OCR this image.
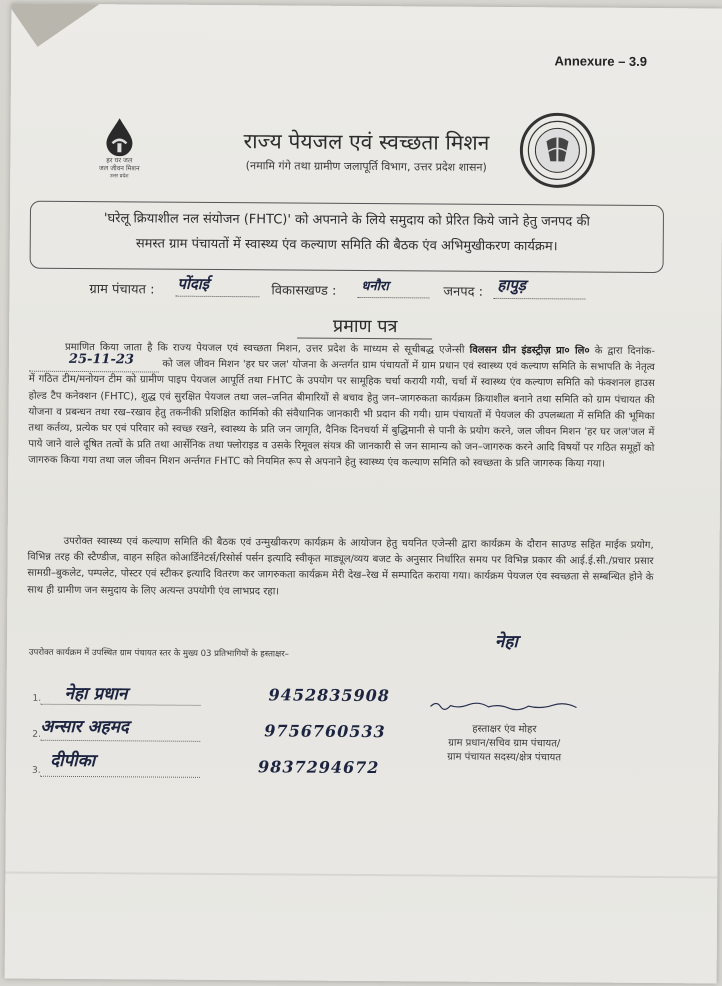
Annexure – 3.9
हर घर जल
जल जीवन मिशन
उत्तर प्रदेश
राज्य पेयजल एवं स्वच्छता मिशन
(नमामि गंगे तथा ग्रामीण जलापूर्ति विभाग, उत्तर प्रदेश शासन)
'घरेलू क्रियाशील नल संयोजन (FHTC)' को अपनाने के लिये समुदाय को प्रेरित किये जाने हेतु जनपद की
समस्त ग्राम पंचायतों में स्वास्थ्य एंव कल्याण समिति की बैठक एंव अभिमुखीकरण कार्यक्रम।
ग्राम पंचायत : पोंदाई	विकासखण्ड : धनौरा	जनपद : हापुड़
प्रमाण पत्र

प्रमाणित किया जाता है कि राज्य पेयजल एवं स्वच्छता मिशन, उत्तर प्रदेश के माध्यम से सूचीबद्ध एजेन्सी विलसन ग्रीन इंडस्ट्रीज़ प्रा० लि० के द्वारा दिनांक-
25-11-23	को जल जीवन मिशन 'हर घर जल' योजना के अन्तर्गत ग्राम पंचायतों में ग्राम प्रधान एवं स्वास्थ्य एवं कल्याण समिति के सभापति के नेतृत्व में गठित टीम/मनोयन टीम को ग्रामीण पाइप पेयजल आपूर्ति तथा FHTC के उपयोग पर सामूहिक चर्चा करायी गयी, चर्चा में स्वास्थ्य एंव कल्याण समिति को फंक्शनल हाउस होल्ड टैप कनेक्शन (FHTC), शुद्ध एवं सुरक्षित पेयजल तथा जल–जनित बीमारियों से बचाव हेतु जन–जागरुकता कार्यक्रम क्रियाशील बनाने तथा समिति को ग्राम पंचायत की योजना व प्रबन्धन तथा रख–रखाव हेतु तकनीकी प्रशिक्षित कार्मिको की संवैधानिक जानकारी भी प्रदान की गयी। ग्राम पंचायतों में पेयजल की उपलब्धता में समिति की भूमिका तथा कर्तव्य, प्रत्येक घर एवं परिवार को स्वच्छ रखने, स्वास्थ्य के प्रति जन जागृति, दैनिक दिनचर्या में बुद्धिमानी से पानी के प्रयोग करने, जल जीवन मिशन 'हर घर जल'जल में पाये जाने वाले दूषित तत्वों के प्रति तथा आर्सेनिक तथा फ्लोराइड व उसके रिमूवल संयत्र की जानकारी से जन सामान्य को जन–जागरुक करने आदि विषयों पर गठित समूहों को जागरुक किया गया तथा जल जीवन मिशन अर्न्तगत FHTC को नियमित रूप से अपनाने हेतु स्वास्थ्य एंव कल्याण समिति को स्वच्छता के प्रति जागरुक किया गया।

उपरोक्त स्वास्थ्य एवं कल्याण समिति की बैठक एवं उन्मुखीकरण कार्यक्रम के आयोजन हेतु चयनित एजेन्सी द्वारा कार्यक्रम के दौरान साउण्ड सहित माईक प्रयोग, विभिन्न तरह की स्टैण्डीज, वाहन सहित कोआर्डिनेटर्स/रिसोर्स पर्सन इत्यादि स्वीकृत माड्यूल/व्यय बजट के अनुसार निर्धारित समय पर विभिन्न प्रकार की आई.ई.सी./प्रचार प्रसार सामग्री–बुकलेट, पम्पलेट, पोस्टर एवं स्टीकर इत्यादि वितरण कर जागरुकता कार्यक्रम मेरी देख–रेख में सम्पादित कराया गया। कार्यक्रम पेयजल एंव स्वच्छता से सम्बन्धित होने के साथ ही ग्रामीण जन समुदाय के लिए अत्यन्त उपयोगी एंव लाभप्रद रहा।

उपरोक्त कार्यक्रम में उपस्थित ग्राम पंचायत स्तर के मुख्य 03 प्रतिभागियों के हस्ताक्षर–

1. नेहा प्रधान	9452835908
2. अन्सार अहमद	9756760533
3. दीपीका	9837294672
नेहा
हस्ताक्षर एंव मोहर
ग्राम प्रधान/सचिव ग्राम पंचायत/
ग्राम पंचायत सदस्य/क्षेत्र पंचायत
